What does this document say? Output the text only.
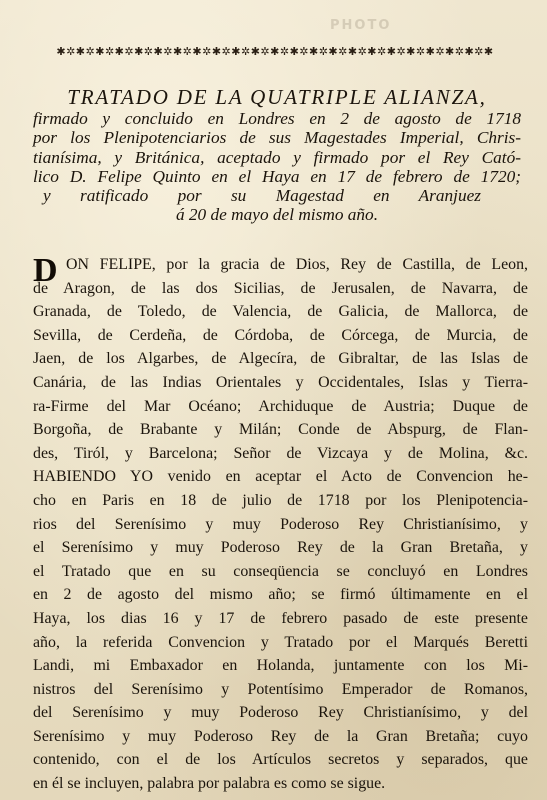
PHOTO
✱✲✱✲✱✲✱✲✱✲✱✲✱✲✱✲✱✲✱✲✱✲✱✲✱✲✱✲✱✲✱✲✱✲✱✲✱✲✱✲✱✲✱✲✱
TRATADO DE LA QUATRIPLE ALIANZA,

firmado y concluido en Londres en 2 de agosto de 1718

por los Plenipotenciarios de sus Magestades Imperial, Chris-

tianísima, y Británica, aceptado y firmado por el Rey Cató-

lico D. Felipe Quinto en el Haya en 17 de febrero de 1720;

y ratificado por su Magestad en Aranjuez

á 20 de mayo del mismo año.

D ON FELIPE, por la gracia de Dios, Rey de Castilla, de Leon,

de Aragon, de las dos Sicilias, de Jerusalen, de Navarra, de

Granada, de Toledo, de Valencia, de Galicia, de Mallorca, de

Sevilla, de Cerdeña, de Córdoba, de Córcega, de Murcia, de

Jaen, de los Algarbes, de Algecíra, de Gibraltar, de las Islas de

Canária, de las Indias Orientales y Occidentales, Islas y Tierra-

ra-Firme del Mar Océano; Archiduque de Austria; Duque de

Borgoña, de Brabante y Milán; Conde de Abspurg, de Flan-

des, Tiról, y Barcelona; Señor de Vizcaya y de Molina, &c.

HABIENDO YO venido en aceptar el Acto de Convencion he-

cho en Paris en 18 de julio de 1718 por los Plenipotencia-

rios del Serenísimo y muy Poderoso Rey Christianísimo, y

el Serenísimo y muy Poderoso Rey de la Gran Bretaña, y

el Tratado que en su conseqüencia se concluyó en Londres

en 2 de agosto del mismo año; se firmó últimamente en el

Haya, los dias 16 y 17 de febrero pasado de este presente

año, la referida Convencion y Tratado por el Marqués Beretti

Landi, mi Embaxador en Holanda, juntamente con los Mi-

nistros del Serenísimo y Potentísimo Emperador de Romanos,

del Serenísimo y muy Poderoso Rey Christianísimo, y del

Serenísimo y muy Poderoso Rey de la Gran Bretaña; cuyo

contenido, con el de los Artículos secretos y separados, que

en él se incluyen, palabra por palabra es como se sigue.
